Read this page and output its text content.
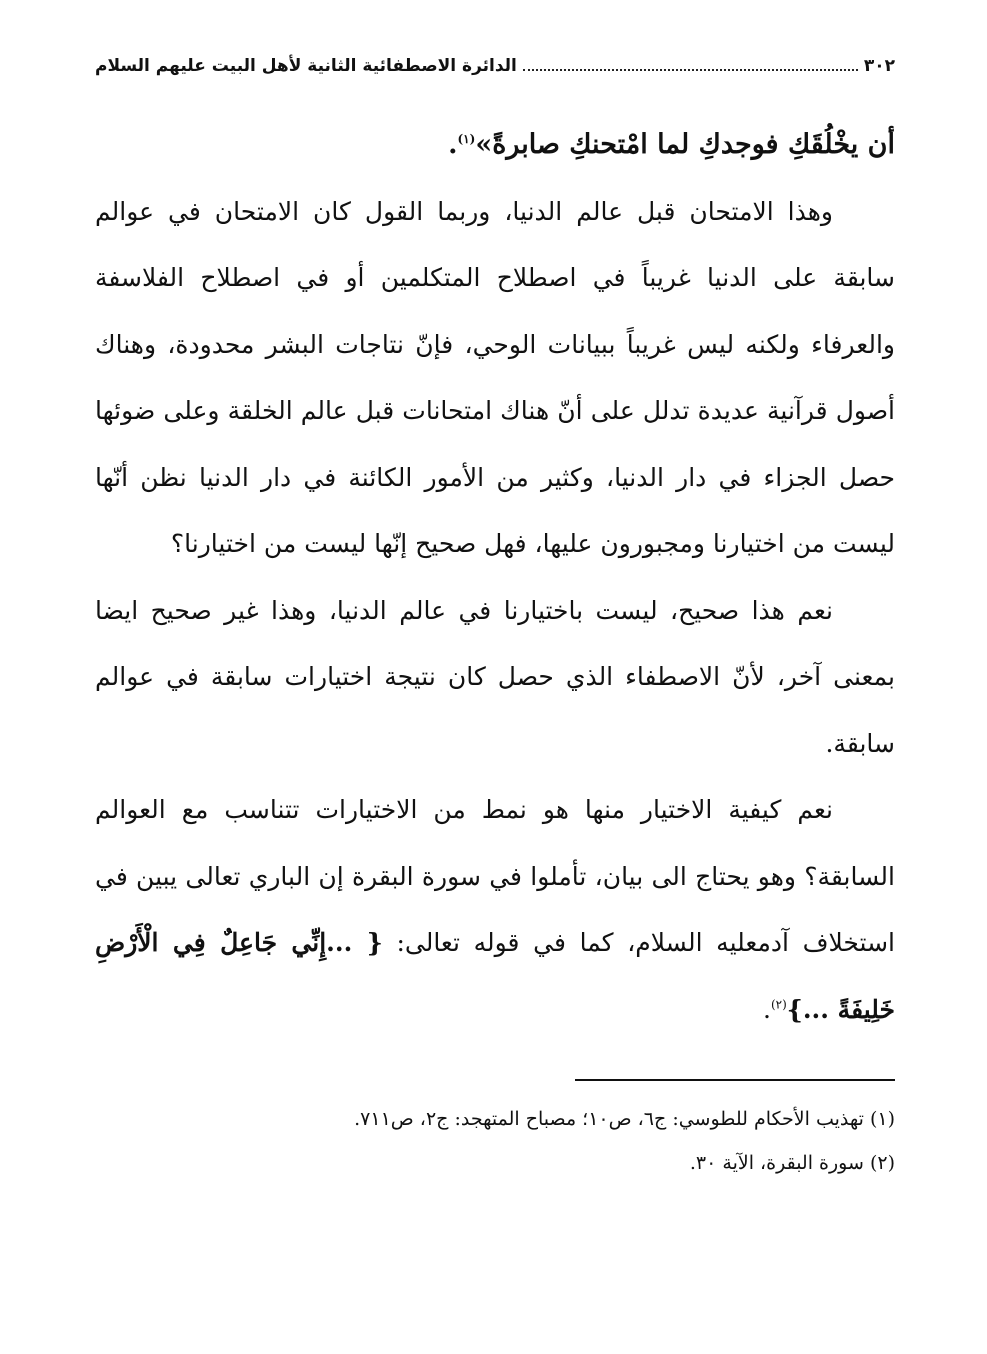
٣٠٢
الدائرة الاصطفائية الثانية لأهل البيت عليهم السلام

أن يخْلُقَكِ فوجدكِ لما امْتحنكِ صابرةً»$^{(١)}$.

وهذا الامتحان قبل عالم الدنيا، وربما القول كان الامتحان في عوالم سابقة على الدنيا غريباً في اصطلاح المتكلمين أو في اصطلاح الفلاسفة والعرفاء ولكنه ليس غريباً ببيانات الوحي، فإنّ نتاجات البشر محدودة، وهناك أصول قرآنية عديدة تدلل على أنّ هناك امتحانات قبل عالم الخلقة وعلى ضوئها حصل الجزاء في دار الدنيا، وكثير من الأمور الكائنة في دار الدنيا نظن أنّها ليست من اختيارنا ومجبورون عليها، فهل صحيح إنّها ليست من اختيارنا؟

نعم هذا صحيح، ليست باختيارنا في عالم الدنيا، وهذا غير صحيح ايضا بمعنى آخر، لأنّ الاصطفاء الذي حصل كان نتيجة اختيارات سابقة في عوالم سابقة.

نعم كيفية الاختيار منها هو نمط من الاختيارات تتناسب مع العوالم السابقة؟ وهو يحتاج الى بيان، تأملوا في سورة البقرة إن الباري تعالى يبين في استخلاف آدمعليه السلام، كما في قوله تعالى: { ...إِنِّي جَاعِلٌ فِي الْأَرْضِ خَلِيفَةً ...}$^{(٢)}$.

(١) تهذيب الأحكام للطوسي: ج٦، ص١٠؛ مصباح المتهجد: ج٢، ص٧١١.

(٢) سورة البقرة، الآية ٣٠.
